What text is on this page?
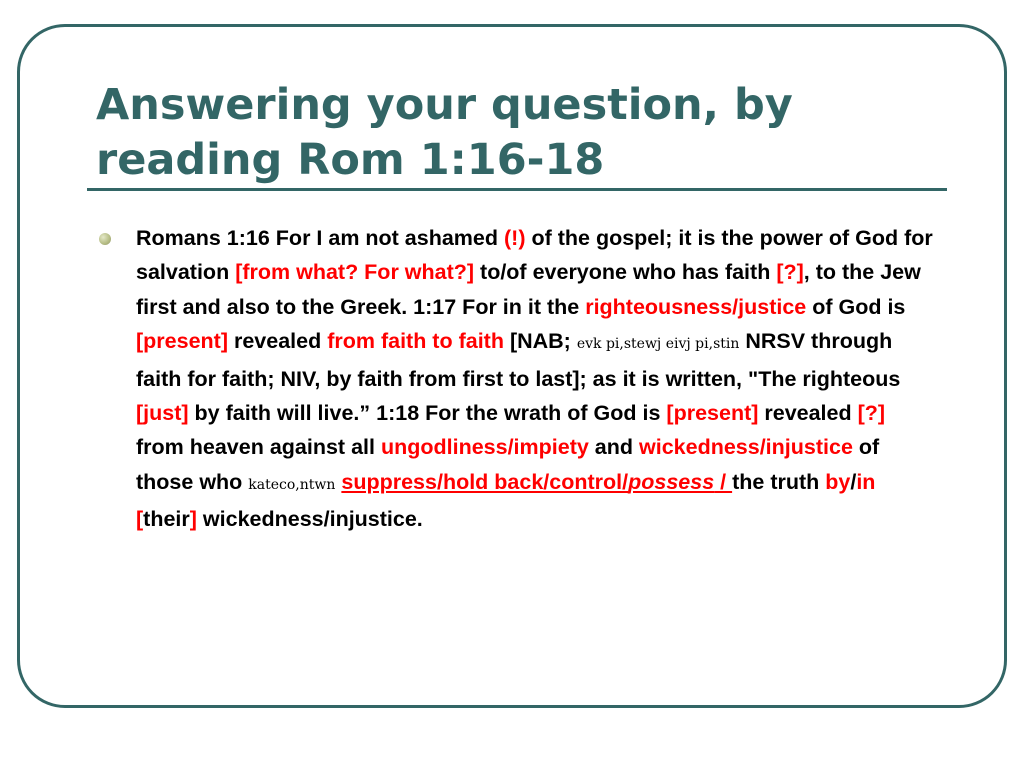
Answering your question, by
reading Rom 1:16-18

Romans 1:16 For I am not ashamed (!) of the gospel; it is the power of God for salvation [from what? For what?] to/of everyone who has faith [?], to the Jew first and also to the Greek. 1:17 For in it the righteousness/justice of God is [present] revealed from faith to faith [NAB; evk pi,stewj eivj pi,stin NRSV through faith for faith; NIV, by faith from first to last]; as it is written, "The righteous [just] by faith will live.” 1:18 For the wrath of God is [present] revealed [?] from heaven against all ungodliness/impiety and wickedness/injustice of those who kateco,ntwn suppress/hold back/control/possess / the truth by/in [their] wickedness/injustice.
